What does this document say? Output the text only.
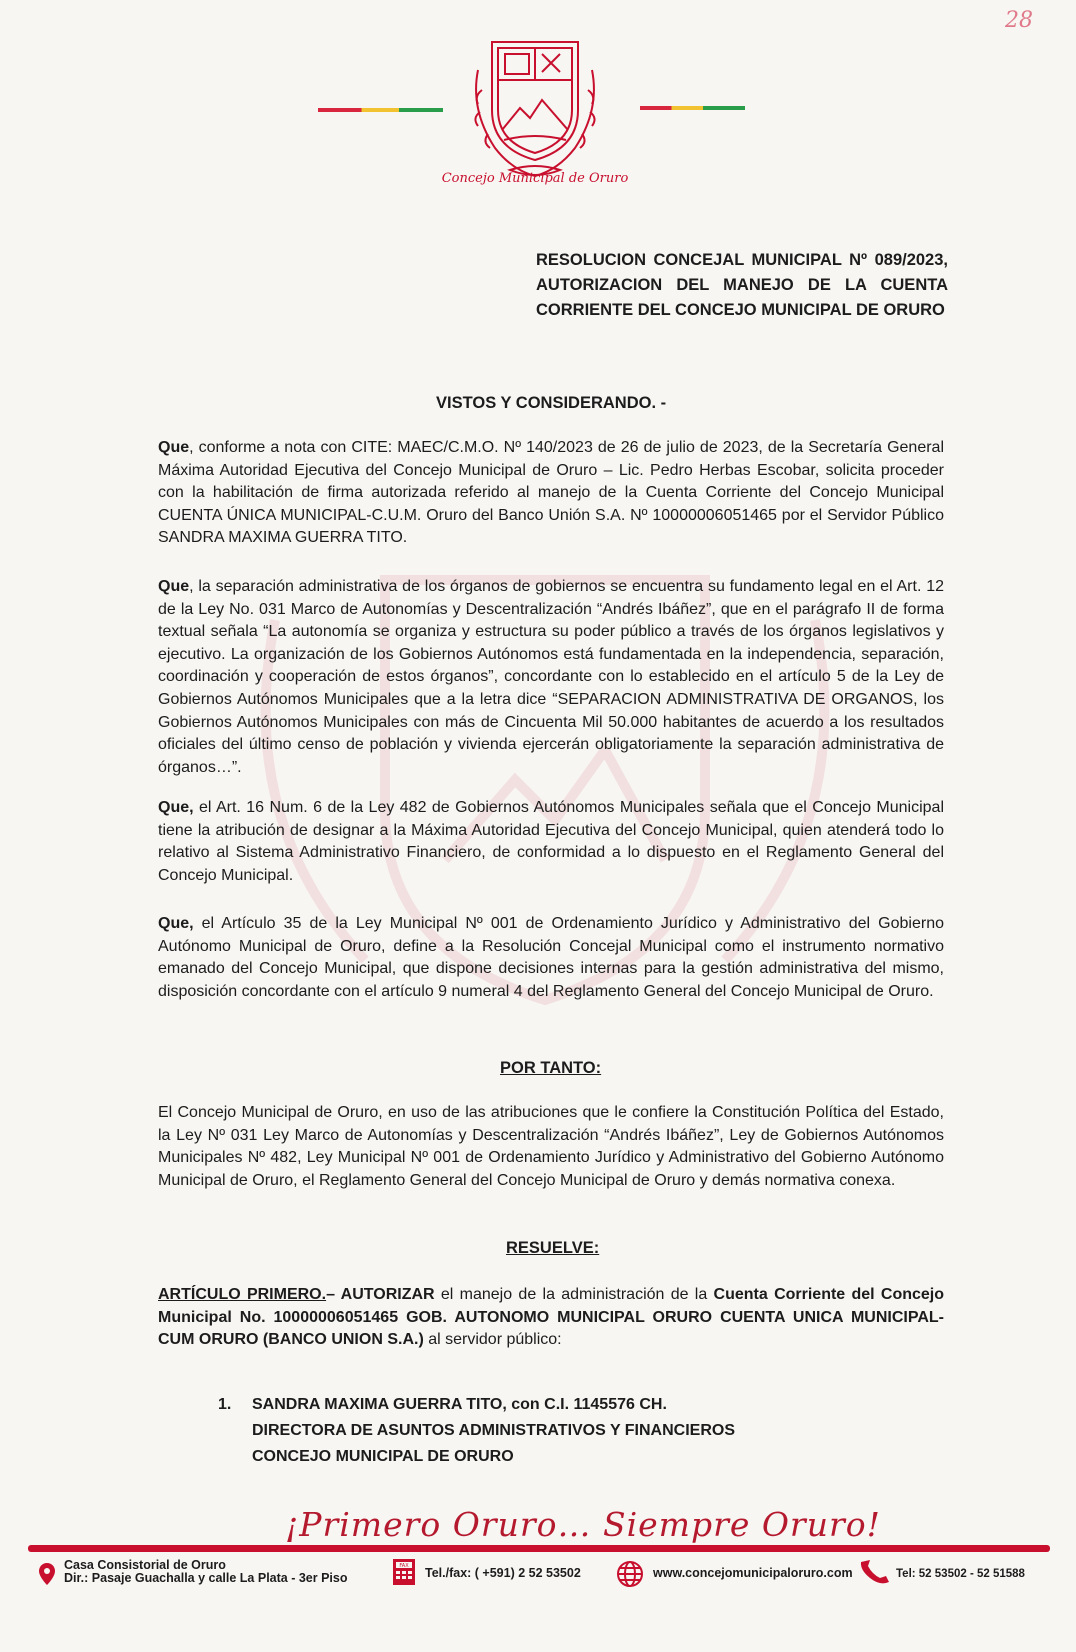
28
Concejo Municipal de Oruro
RESOLUCION CONCEJAL MUNICIPAL Nº 089/2023,
AUTORIZACION DEL MANEJO DE LA CUENTA
CORRIENTE DEL CONCEJO MUNICIPAL DE ORURO
VISTOS Y CONSIDERANDO. -
Que, conforme a nota con CITE: MAEC/C.M.O. Nº 140/2023 de 26 de julio de 2023, de la Secretaría General Máxima Autoridad Ejecutiva del Concejo Municipal de Oruro – Lic. Pedro Herbas Escobar, solicita proceder con la habilitación de firma autorizada referido al manejo de la Cuenta Corriente del Concejo Municipal CUENTA ÚNICA MUNICIPAL-C.U.M. Oruro del Banco Unión S.A. Nº 10000006051465 por el Servidor Público SANDRA MAXIMA GUERRA TITO.
Que, la separación administrativa de los órganos de gobiernos se encuentra su fundamento legal en el Art. 12 de la Ley No. 031 Marco de Autonomías y Descentralización “Andrés Ibáñez”, que en el parágrafo II de forma textual señala “La autonomía se organiza y estructura su poder público a través de los órganos legislativos y ejecutivo. La organización de los Gobiernos Autónomos está fundamentada en la independencia, separación, coordinación y cooperación de estos órganos”, concordante con lo establecido en el artículo 5 de la Ley de Gobiernos Autónomos Municipales que a la letra dice “SEPARACION ADMINISTRATIVA DE ORGANOS, los Gobiernos Autónomos Municipales con más de Cincuenta Mil 50.000 habitantes de acuerdo a los resultados oficiales del último censo de población y vivienda ejercerán obligatoriamente la separación administrativa de órganos…”.
Que, el Art. 16 Num. 6 de la Ley 482 de Gobiernos Autónomos Municipales señala que el Concejo Municipal tiene la atribución de designar a la Máxima Autoridad Ejecutiva del Concejo Municipal, quien atenderá todo lo relativo al Sistema Administrativo Financiero, de conformidad a lo dispuesto en el Reglamento General del Concejo Municipal.
Que, el Artículo 35 de la Ley Municipal Nº 001 de Ordenamiento Jurídico y Administrativo del Gobierno Autónomo Municipal de Oruro, define a la Resolución Concejal Municipal como el instrumento normativo emanado del Concejo Municipal, que dispone decisiones internas para la gestión administrativa del mismo, disposición concordante con el artículo 9 numeral 4 del Reglamento General del Concejo Municipal de Oruro.
POR TANTO:
El Concejo Municipal de Oruro, en uso de las atribuciones que le confiere la Constitución Política del Estado, la Ley Nº 031 Ley Marco de Autonomías y Descentralización “Andrés Ibáñez”, Ley de Gobiernos Autónomos Municipales Nº 482, Ley Municipal Nº 001 de Ordenamiento Jurídico y Administrativo del Gobierno Autónomo Municipal de Oruro, el Reglamento General del Concejo Municipal de Oruro y demás normativa conexa.
RESUELVE:
ARTÍCULO PRIMERO.– AUTORIZAR el manejo de la administración de la Cuenta Corriente del Concejo Municipal No. 10000006051465 GOB. AUTONOMO MUNICIPAL ORURO CUENTA UNICA MUNICIPAL-CUM ORURO (BANCO UNION S.A.) al servidor público:
1. SANDRA MAXIMA GUERRA TITO, con C.I. 1145576 CH.
DIRECTORA DE ASUNTOS ADMINISTRATIVOS Y FINANCIEROS
CONCEJO MUNICIPAL DE ORURO
¡Primero Oruro… Siempre Oruro!
Casa Consistorial de Oruro
Dir.: Pasaje Guachalla y calle La Plata - 3er Piso
FAX Tel./fax: ( +591) 2 52 53502	www.concejomunicipaloruro.com	Tel: 52 53502 - 52 51588
